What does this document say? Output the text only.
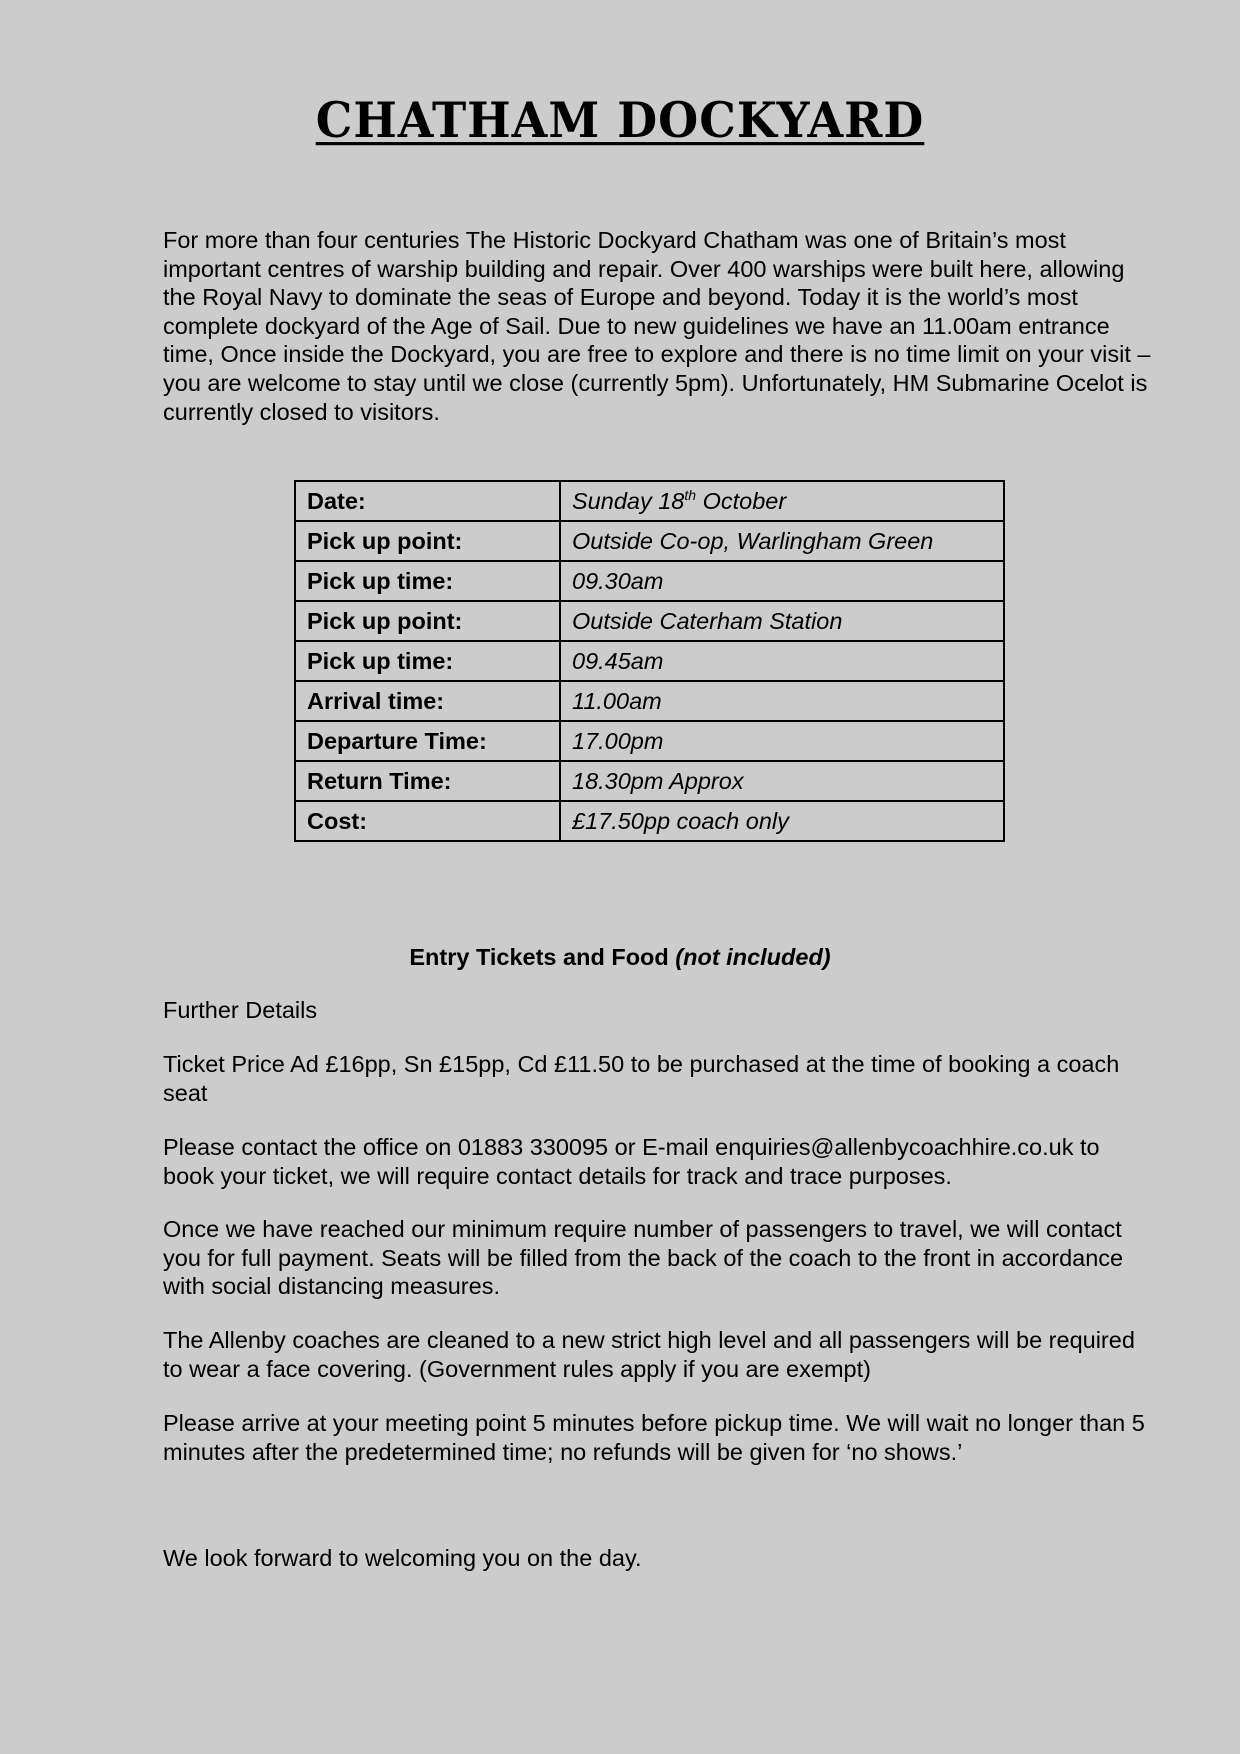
CHATHAM DOCKYARD

For more than four centuries The Historic Dockyard Chatham was one of Britain’s most important centres of warship building and repair. Over 400 warships were built here, allowing the Royal Navy to dominate the seas of Europe and beyond. Today it is the world’s most complete dockyard of the Age of Sail. Due to new guidelines we have an 11.00am entrance time, Once inside the Dockyard, you are free to explore and there is no time limit on your visit – you are welcome to stay until we close (currently 5pm). Unfortunately, HM Submarine Ocelot is currently closed to visitors.

Date:	Sunday 18th October
Pick up point:	Outside Co-op, Warlingham Green
Pick up time:	09.30am
Pick up point:	Outside Caterham Station
Pick up time:	09.45am
Arrival time:	11.00am
Departure Time:	17.00pm
Return Time:	18.30pm Approx
Cost:	£17.50pp coach only
Entry Tickets and Food (not included)

Further Details

Ticket Price Ad £16pp, Sn £15pp, Cd £11.50 to be purchased at the time of booking a coach seat

Please contact the office on 01883 330095 or E-mail enquiries@allenbycoachhire.co.uk to book your ticket, we will require contact details for track and trace purposes.

Once we have reached our minimum require number of passengers to travel, we will contact you for full payment. Seats will be filled from the back of the coach to the front in accordance with social distancing measures.

The Allenby coaches are cleaned to a new strict high level and all passengers will be required to wear a face covering. (Government rules apply if you are exempt)

Please arrive at your meeting point 5 minutes before pickup time. We will wait no longer than 5 minutes after the predetermined time; no refunds will be given for ‘no shows.’

We look forward to welcoming you on the day.
